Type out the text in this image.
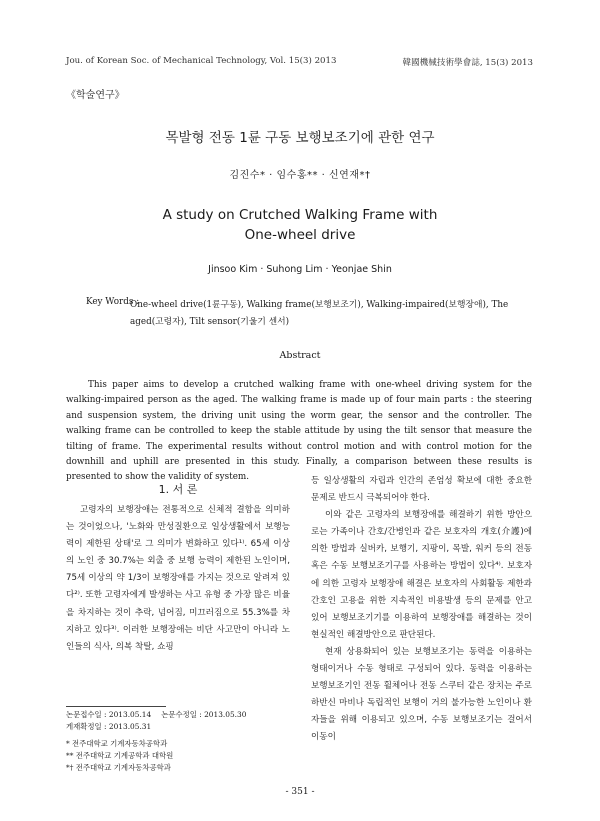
Jou. of Korean Soc. of Mechanical Technology, Vol. 15(3) 2013	韓國機械技術學會誌, 15(3) 2013
《학술연구》
목발형 전동 1륜 구동 보행보조기에 관한 연구
김진수* · 임수홍** · 신연재*†
A study on Crutched Walking Frame with
One-wheel drive
Jinsoo Kim · Suhong Lim · Yeonjae Shin
Key Words :
One-wheel drive(1륜구동), Walking frame(보행보조기), Walking-impaired(보행장애), The aged(고령자), Tilt sensor(기울기 센서)
Abstract
This paper aims to develop a crutched walking frame with one-wheel driving system for the walking-impaired person as the aged. The walking frame is made up of four main parts : the steering and suspension system, the driving unit using the worm gear, the sensor and the controller. The walking frame can be controlled to keep the stable attitude by using the tilt sensor that measure the tilting of frame. The experimental results without control motion and with control motion for the downhill and uphill are presented in this study. Finally, a comparison between these results is presented to show the validity of system.
1. 서 론

고령자의 보행장애는 전통적으로 신체적 결함을 의미하는 것이었으나, '노화와 만성질환으로 일상생활에서 보행능력이 제한된 상태'로 그 의미가 변화하고 있다¹⁾. 65세 이상의 노인 중 30.7%는 외출 중 보행 능력이 제한된 노인이며, 75세 이상의 약 1/3이 보행장애를 가지는 것으로 알려져 있다²⁾. 또한 고령자에게 발생하는 사고 유형 중 가장 많은 비율을 차지하는 것이 추락, 넘어짐, 미끄러짐으로 55.3%를 차지하고 있다³⁾. 이러한 보행장애는 비단 사고만이 아니라 노인들의 식사, 의복 착탈, 쇼핑

등 일상생활의 자립과 인간의 존엄성 확보에 대한 중요한 문제로 반드시 극복되어야 한다.

이와 같은 고령자의 보행장애를 해결하기 위한 방안으로는 가족이나 간호/간병인과 같은 보호자의 개호(介護)에 의한 방법과 실버카, 보행기, 지팡이, 목발, 워커 등의 전동 혹은 수동 보행보조기구를 사용하는 방법이 있다⁴⁾. 보호자에 의한 고령자 보행장애 해결은 보호자의 사회활동 제한과 간호인 고용을 위한 지속적인 비용발생 등의 문제를 안고 있어 보행보조기기를 이용하여 보행장애를 해결하는 것이 현실적인 해결방안으로 판단된다.

현재 상용화되어 있는 보행보조기는 동력을 이용하는 형태이거나 수동 형태로 구성되어 있다. 동력을 이용하는 보행보조기인 전동 휠체어나 전동 스쿠터 같은 장치는 주로 하반신 마비나 독립적인 보행이 거의 불가능한 노인이나 환자들을 위해 이용되고 있으며, 수동 보행보조기는 걸어서 이동이

논문접수일 : 2013.05.14 논문수정일 : 2013.05.30
게재확정일 : 2013.05.31
* 전주대학교 기계자동차공학과
** 전주대학교 기계공학과 대학원
*† 전주대학교 기계자동차공학과
- 351 -
